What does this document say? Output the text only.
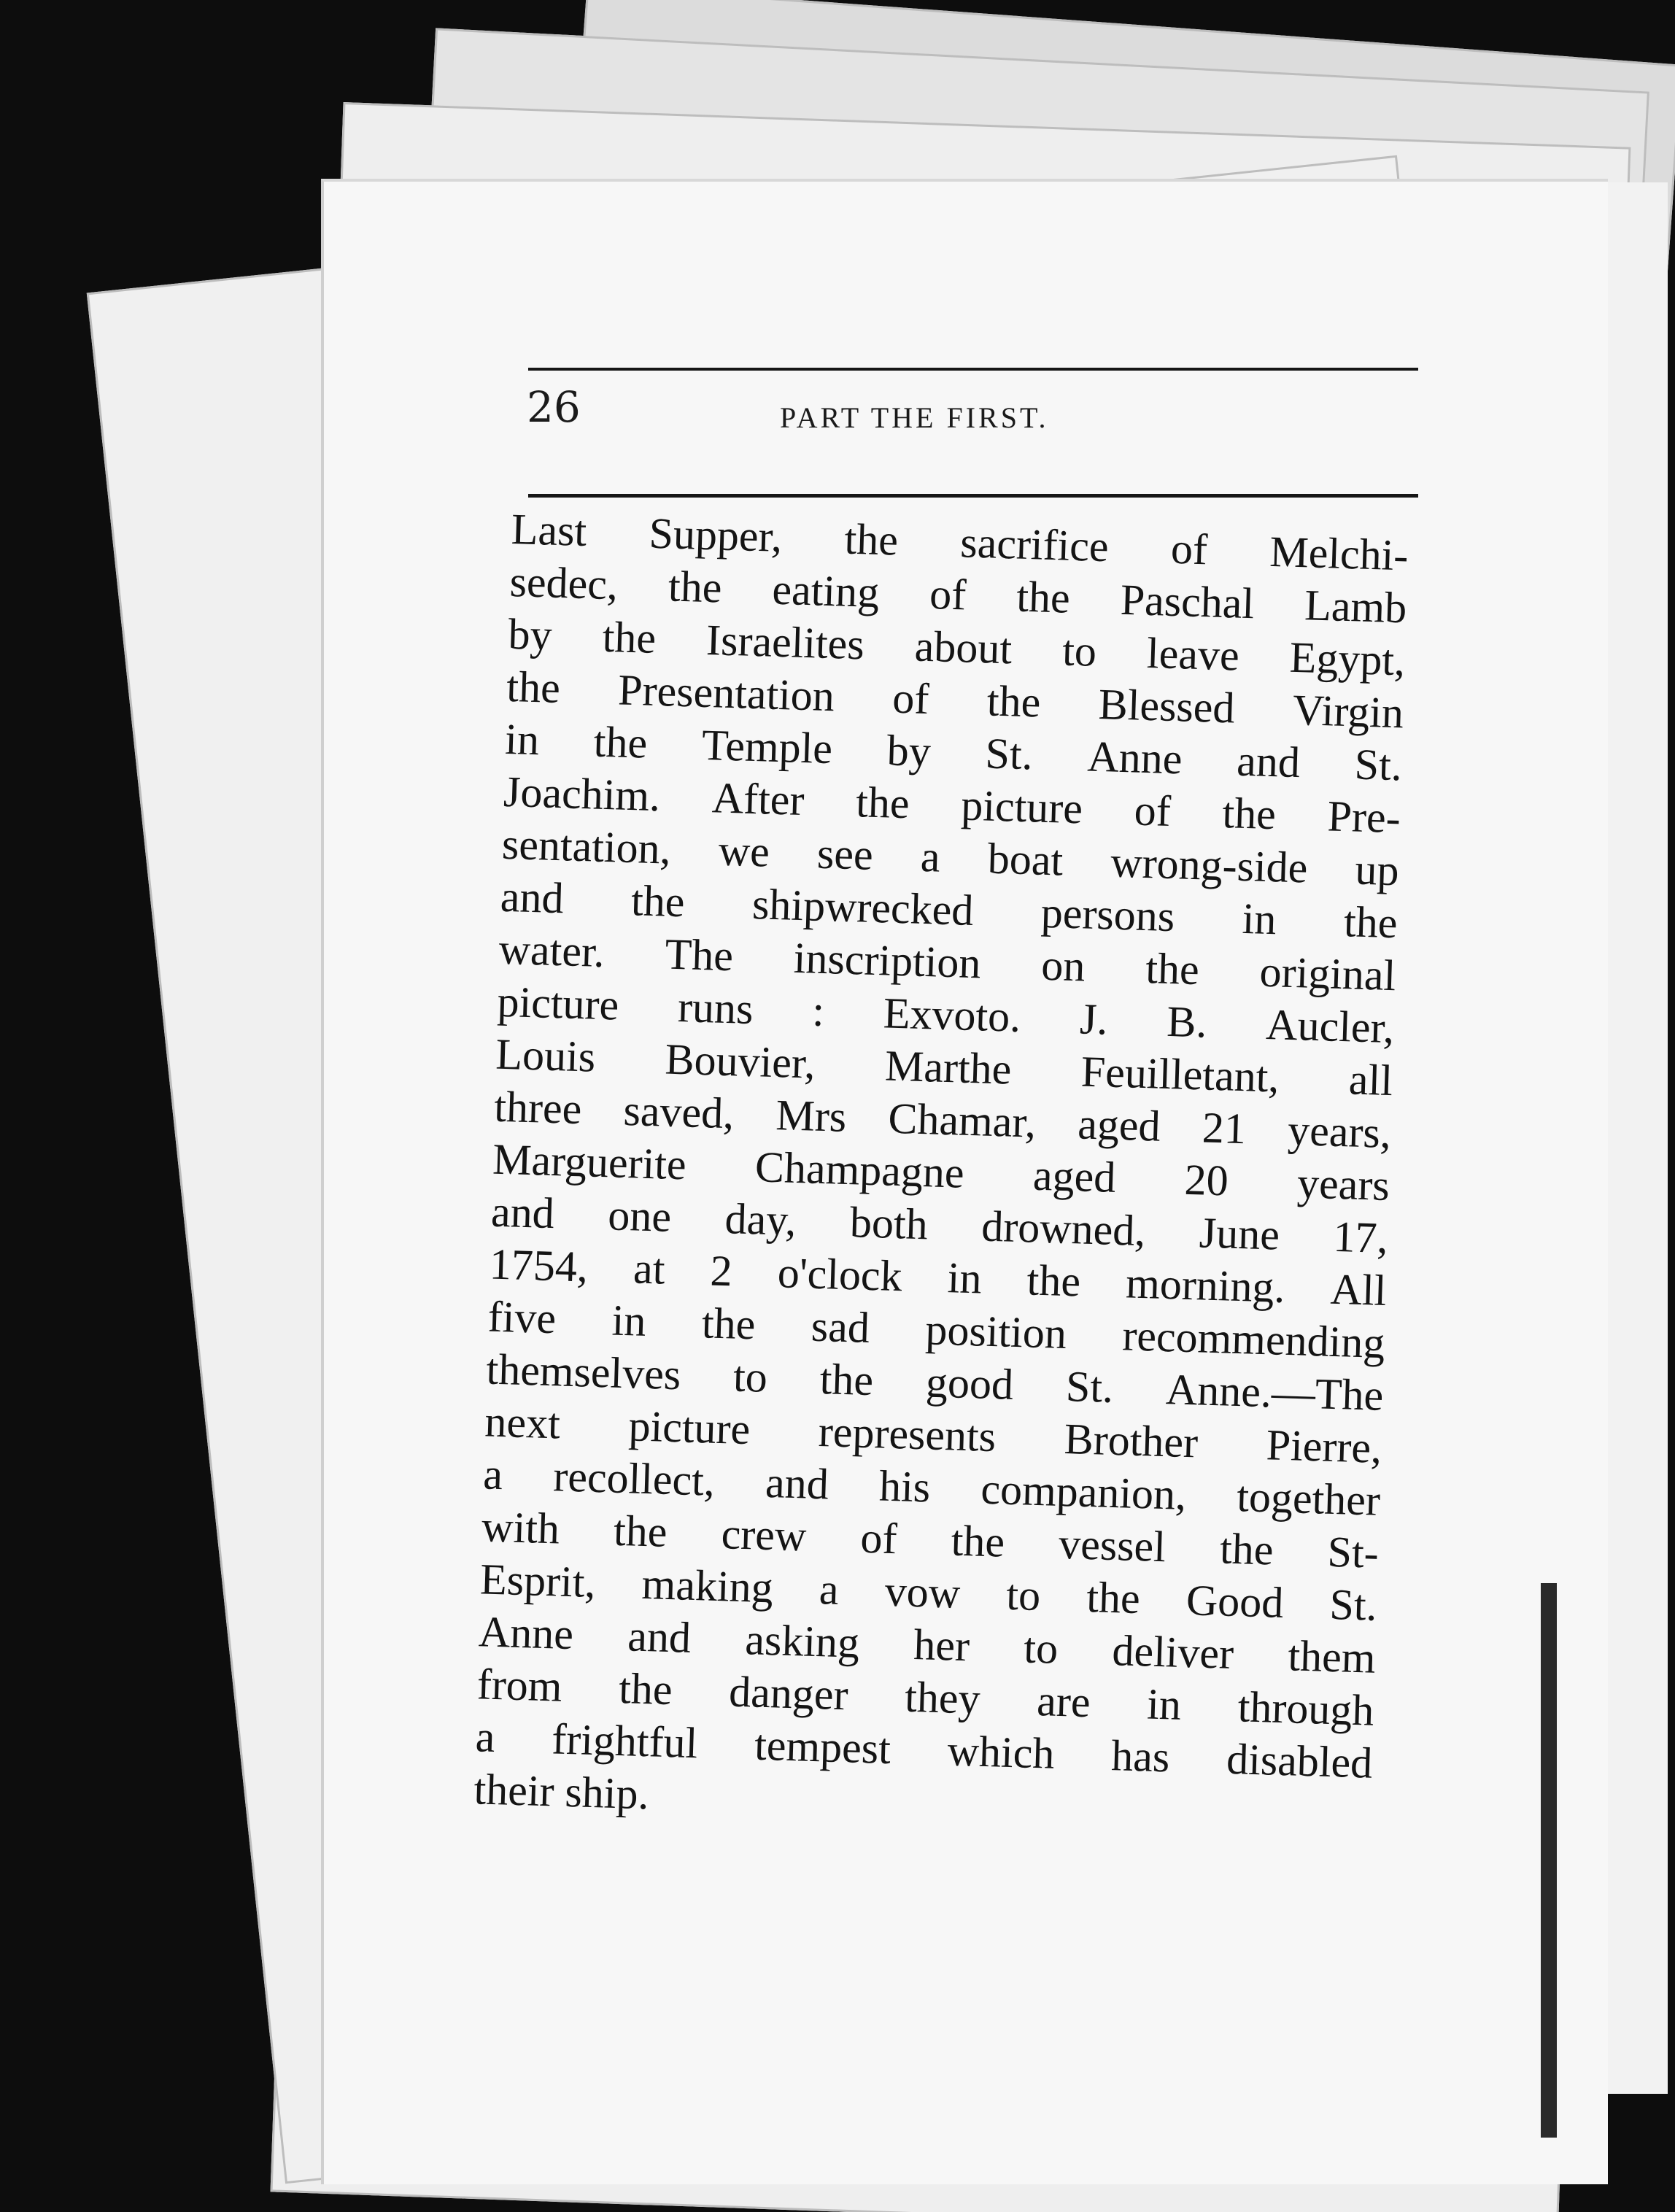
26	PART THE FIRST.
Last Supper, the sacrifice of Melchi-
sedec, the eating of the Paschal Lamb
by the Israelites about to leave Egypt,
the Presentation of the Blessed Virgin
in the Temple by St. Anne and St.
Joachim. After the picture of the Pre-
sentation, we see a boat wrong-side up
and the shipwrecked persons in the
water. The inscription on the original
picture runs : Exvoto. J. B. Aucler,
Louis Bouvier, Marthe Feuilletant, all
three saved, Mrs Chamar, aged 21 years,
Marguerite Champagne aged 20 years
and one day, both drowned, June 17,
1754, at 2 o'clock in the morning. All
five in the sad position recommending
themselves to the good St. Anne.—The
next picture represents Brother Pierre,
a recollect, and his companion, together
with the crew of the vessel the St-
Esprit, making a vow to the Good St.
Anne and asking her to deliver them
from the danger they are in through
a frightful tempest which has disabled
their ship.
